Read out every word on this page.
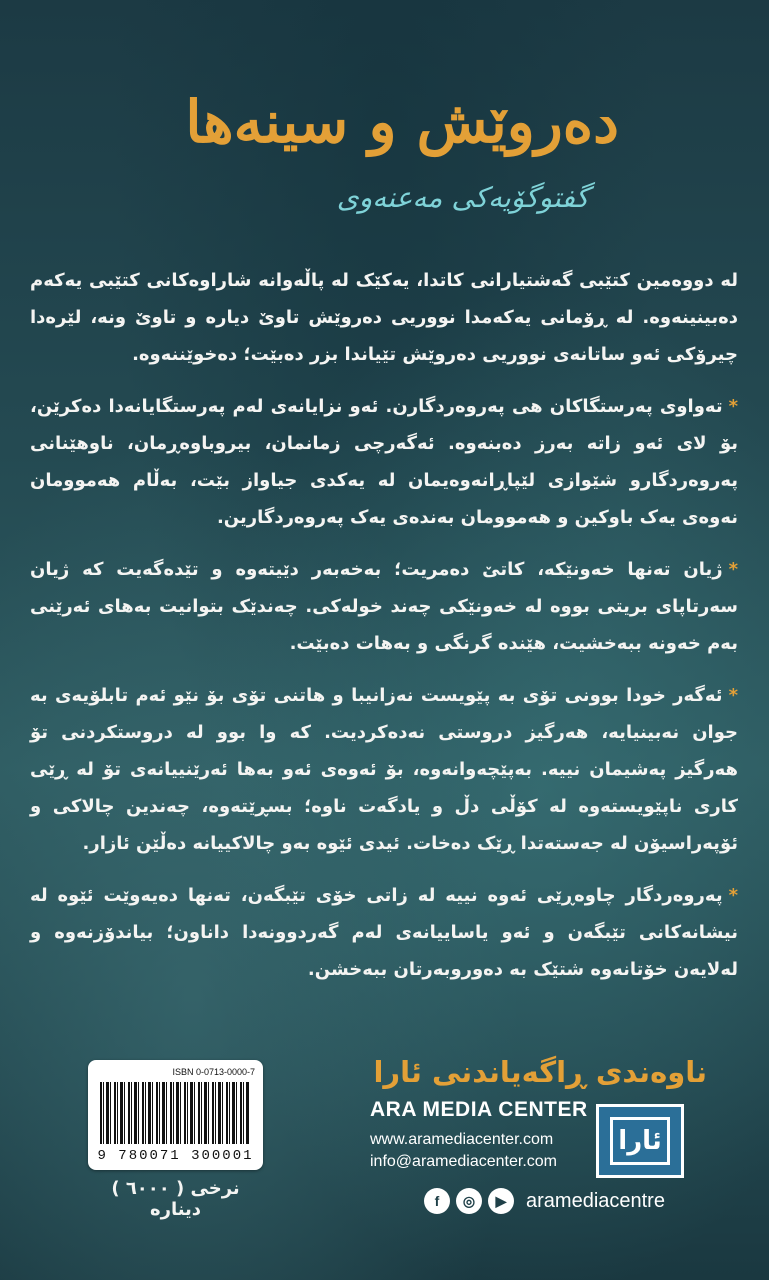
دەروێش و سینەها
گفتوگۆیەکی مەعنەوی

لە دووەمین کتێبی گەشتیارانی کاتدا، یەکێک لە پاڵەوانە شاراوەکانی کتێبی یەکەم دەبینینەوە. لە ڕۆمانی یەکەمدا نووریی دەروێش تاوێ دیارە و تاوێ ونە، لێرەدا چیرۆکی ئەو ساتانەی نووریی دەروێش تێیاندا بزر دەبێت؛ دەخوێننەوە.

*تەواوی پەرستگاکان هی پەروەردگارن. ئەو نزایانەی لەم پەرستگایانەدا دەکرێن، بۆ لای ئەو زاتە بەرز دەبنەوە. ئەگەرچی زمانمان، بیروباوەڕمان، ناوهێنانی پەروەردگارو شێوازی لێپاڕانەوەیمان لە یەکدی جیاواز بێت، بەڵام هەموومان نەوەی یەک باوکین و هەموومان بەندەی یەک پەروەردگارین.

*ژیان تەنها خەونێکە، کاتێ دەمریت؛ بەخەبەر دێیتەوە و تێدەگەیت کە ژیان سەرتاپای بریتی بووە لە خەونێکی چەند خولەکی. چەندێک بتوانیت بەهای ئەرێنی بەم خەونە ببەخشیت، هێندە گرنگی و بەهات دەبێت.

*ئەگەر خودا بوونی تۆی بە پێویست نەزانیبا و هاتنی تۆی بۆ نێو ئەم تابلۆیەی بە جوان نەبینیایە، هەرگیز دروستی نەدەکردیت. کە وا بوو لە دروستکردنی تۆ هەرگیز پەشیمان نییە. بەپێچەوانەوە، بۆ ئەوەی ئەو بەها ئەرێنییانەی تۆ لە ڕێی کاری ناپێویستەوە لە کۆڵی دڵ و یادگەت ناوە؛ بسڕێتەوە، چەندین چالاکی و ئۆپەراسیۆن لە جەستەتدا ڕێک دەخات. ئیدی ئێوە بەو چالاکییانە دەڵێن ئازار.

*پەروەردگار چاوەڕێی ئەوە نییە لە زاتی خۆی تێبگەن، تەنها دەیەوێت ئێوە لە نیشانەکانی تێبگەن و ئەو یاساییانەی لەم گەردوونەدا داناون؛ بیاندۆزنەوە و لەلایەن خۆتانەوە شتێک بە دەوروبەرتان ببەخشن.

ISBN 0-0713-0000-7
9 780071 300001
نرخی ( ٦٠٠٠ ) دینارە
ناوەندی ڕاگەیاندنی ئارا
ARA MEDIA CENTER
www.aramediacenter.com
info@aramediacenter.com
ئارا
f	◎	▶ aramediacentre
